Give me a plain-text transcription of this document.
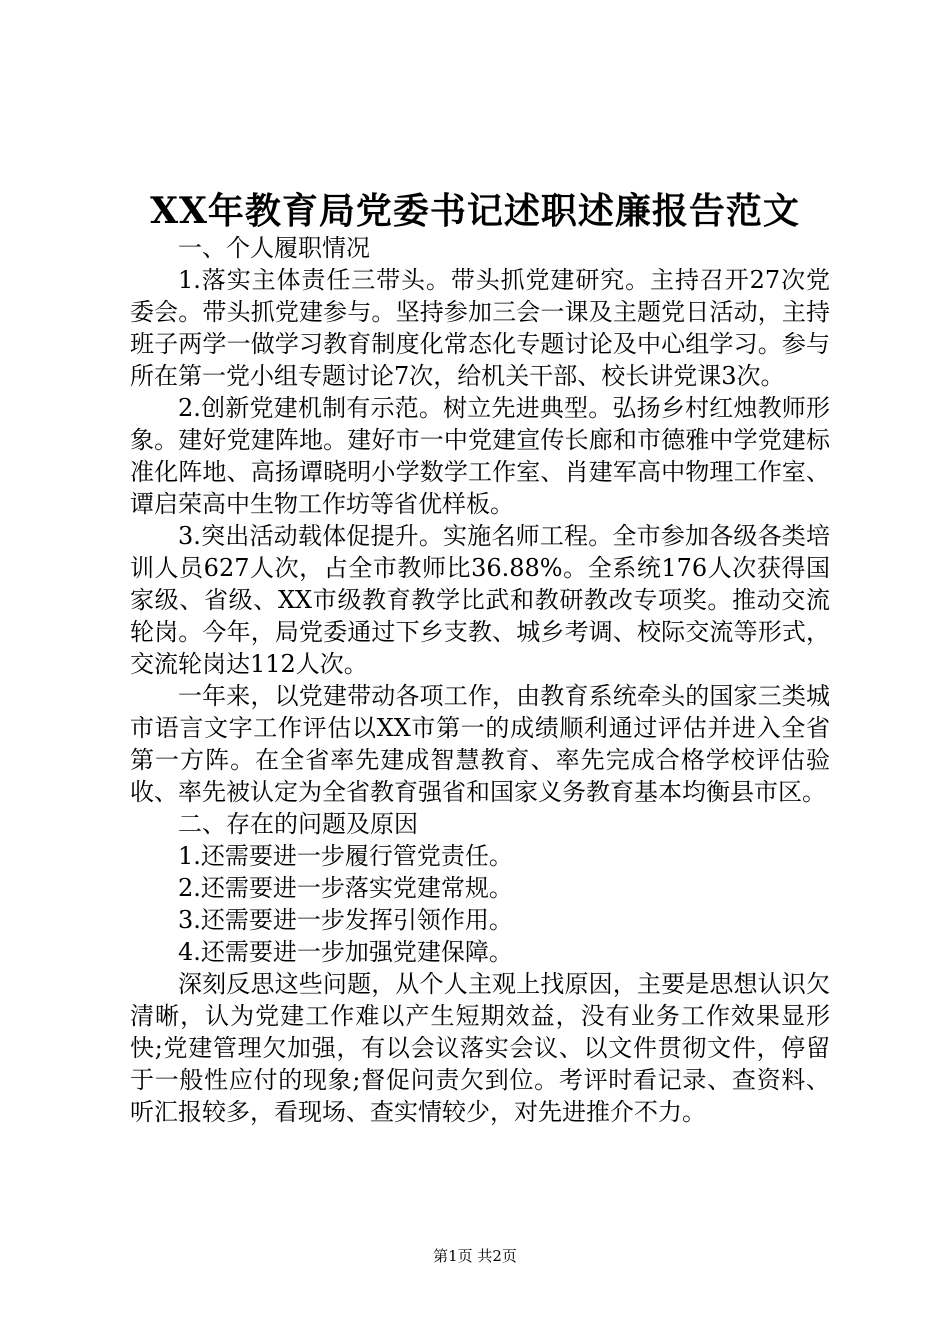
XX年教育局党委书记述职述廉报告范文

一、个人履职情况

1.落实主体责任三带头。带头抓党建研究。主持召开27次党委会。带头抓党建参与。坚持参加三会一课及主题党日活动，主持班子两学一做学习教育制度化常态化专题讨论及中心组学习。参与所在第一党小组专题讨论7次，给机关干部、校长讲党课3次。

2.创新党建机制有示范。树立先进典型。弘扬乡村红烛教师形象。建好党建阵地。建好市一中党建宣传长廊和市德雅中学党建标准化阵地、高扬谭晓明小学数学工作室、肖建军高中物理工作室、谭启荣高中生物工作坊等省优样板。

3.突出活动载体促提升。实施名师工程。全市参加各级各类培训人员627人次，占全市教师比36.88%。全系统176人次获得国家级、省级、XX市级教育教学比武和教研教改专项奖。推动交流轮岗。今年，局党委通过下乡支教、城乡考调、校际交流等形式，交流轮岗达112人次。

一年来，以党建带动各项工作，由教育系统牵头的国家三类城市语言文字工作评估以XX市第一的成绩顺利通过评估并进入全省第一方阵。在全省率先建成智慧教育、率先完成合格学校评估验收、率先被认定为全省教育强省和国家义务教育基本均衡县市区。

二、存在的问题及原因

1.还需要进一步履行管党责任。

2.还需要进一步落实党建常规。

3.还需要进一步发挥引领作用。

4.还需要进一步加强党建保障。

深刻反思这些问题，从个人主观上找原因，主要是思想认识欠清晰，认为党建工作难以产生短期效益，没有业务工作效果显形快;党建管理欠加强，有以会议落实会议、以文件贯彻文件，停留于一般性应付的现象;督促问责欠到位。考评时看记录、查资料、听汇报较多，看现场、查实情较少，对先进推介不力。

第1页 共2页
